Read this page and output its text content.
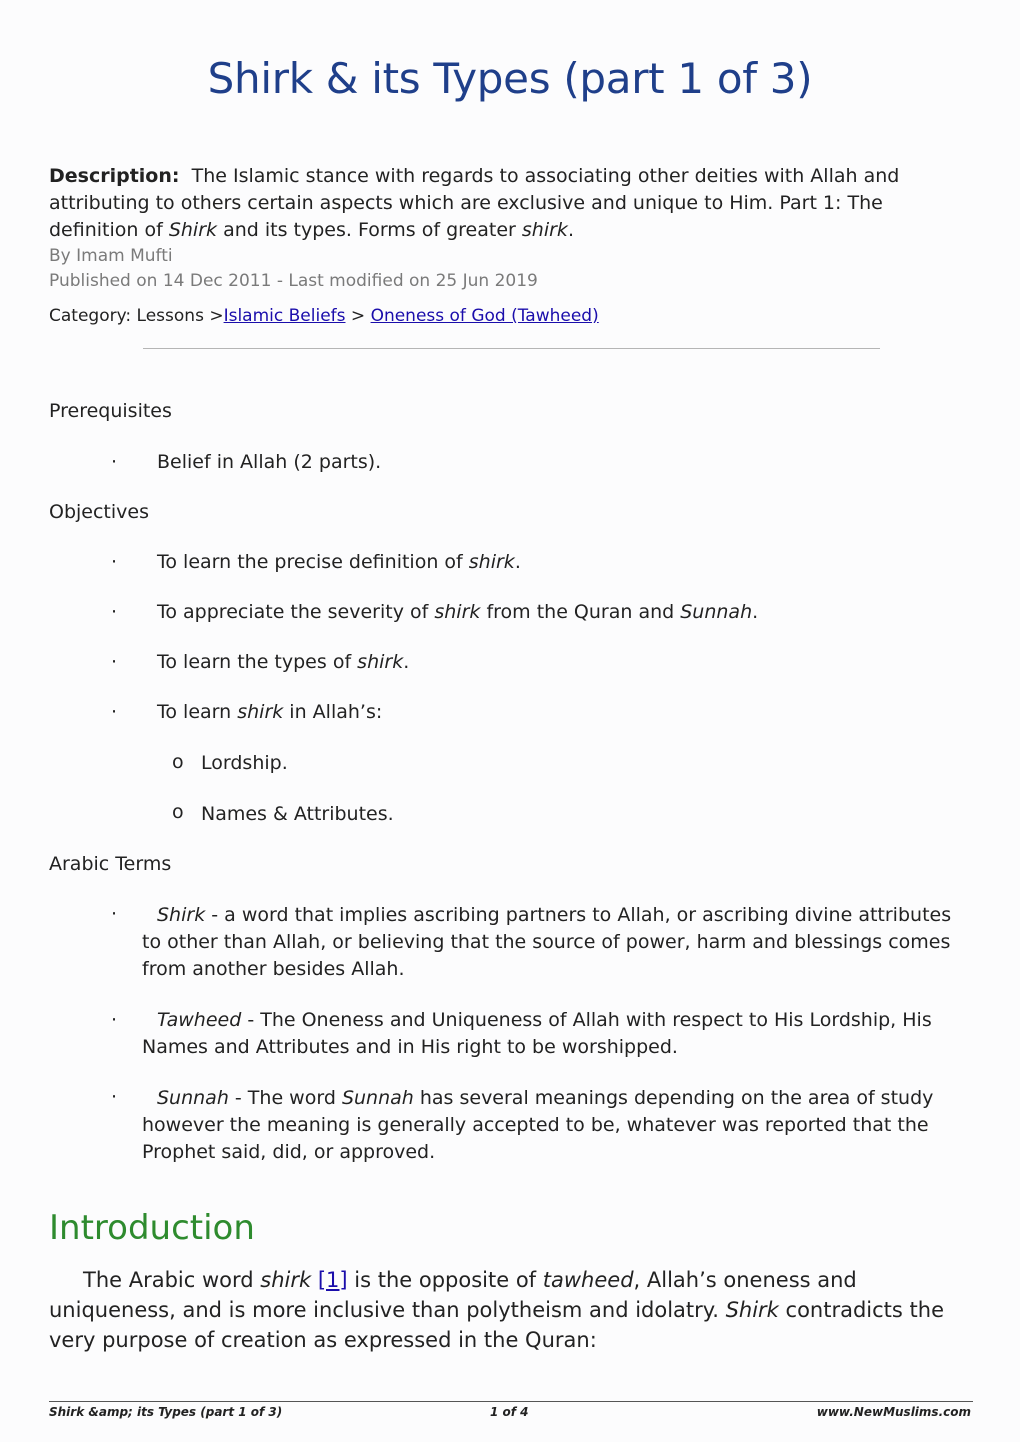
Shirk & its Types (part 1 of 3)
Description: The Islamic stance with regards to associating other deities with Allah and attributing to others certain aspects which are exclusive and unique to Him. Part 1: The definition of Shirk and its types. Forms of greater shirk.
By Imam Mufti
Published on 14 Dec 2011 - Last modified on 25 Jun 2019
Category: Lessons >Islamic Beliefs > Oneness of God (Tawheed)
Prerequisites
· Belief in Allah (2 parts).
Objectives
· To learn the precise definition of shirk.
· To appreciate the severity of shirk from the Quran and Sunnah.
· To learn the types of shirk.
· To learn shirk in Allah’s:
o Lordship.
o Names & Attributes.
Arabic Terms
·	Shirk - a word that implies ascribing partners to Allah, or ascribing divine attributes to other than Allah, or believing that the source of power, harm and blessings comes from another besides Allah.
·	Tawheed - The Oneness and Uniqueness of Allah with respect to His Lordship, His Names and Attributes and in His right to be worshipped.
·	Sunnah - The word Sunnah has several meanings depending on the area of study however the meaning is generally accepted to be, whatever was reported that the Prophet said, did, or approved.
Introduction
The Arabic word shirk [1] is the opposite of tawheed, Allah’s oneness and uniqueness, and is more inclusive than polytheism and idolatry. Shirk contradicts the very purpose of creation as expressed in the Quran:
Shirk &amp; its Types (part 1 of 3)	1 of 4	www.NewMuslims.com
